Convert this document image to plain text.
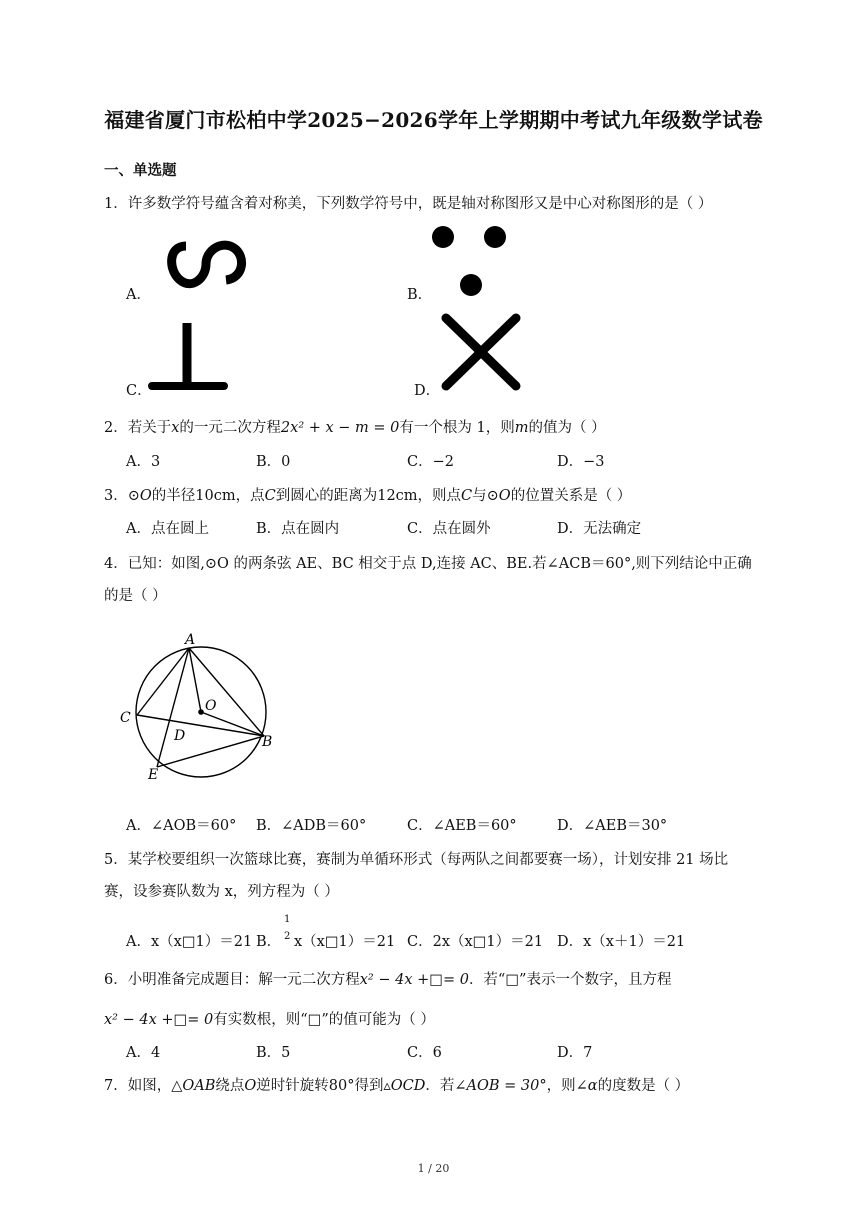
福建省厦门市松柏中学2025−2026学年上学期期中考试九年级数学试卷
一、单选题
1．许多数学符号蕴含着对称美，下列数学符号中，既是轴对称图形又是中心对称图形的是（ ）
A．	B．
C．	D．
2．若关于x的一元二次方程2x² + x − m = 0有一个根为 1，则m的值为（ ）
A．3	B．0	C．−2	D．−3
3．⊙O的半径10cm，点C到圆心的距离为12cm，则点C与⊙O的位置关系是（ ）
A．点在圆上	B．点在圆内	C．点在圆外	D．无法确定
4．已知：如图,⊙O 的两条弦 AE、BC 相交于点 D,连接 AC、BE.若∠ACB＝60°,则下列结论中正确
的是（ ）
A
B
C
D
E
O
A．∠AOB＝60° B．∠ADB＝60°	C．∠AEB＝60°	D．∠AEB＝30°
5．某学校要组织一次篮球比赛，赛制为单循环形式（每两队之间都要赛一场），计划安排 21 场比
赛，设参赛队数为 x，列方程为（ ）
A．x（x□1）＝21 B．
1
2 x（x□1）＝21 C．2x（x□1）＝21 D．x（x＋1）＝21
6．小明准备完成题目：解一元二次方程x² − 4x +□= 0．若“□”表示一个数字，且方程
x² − 4x +□= 0有实数根，则“□”的值可能为（ ）
A．4	B．5	C．6	D．7
7．如图，△OAB绕点O逆时针旋转80°得到▵OCD．若∠AOB = 30°，则∠α的度数是（ ）
1 / 20
